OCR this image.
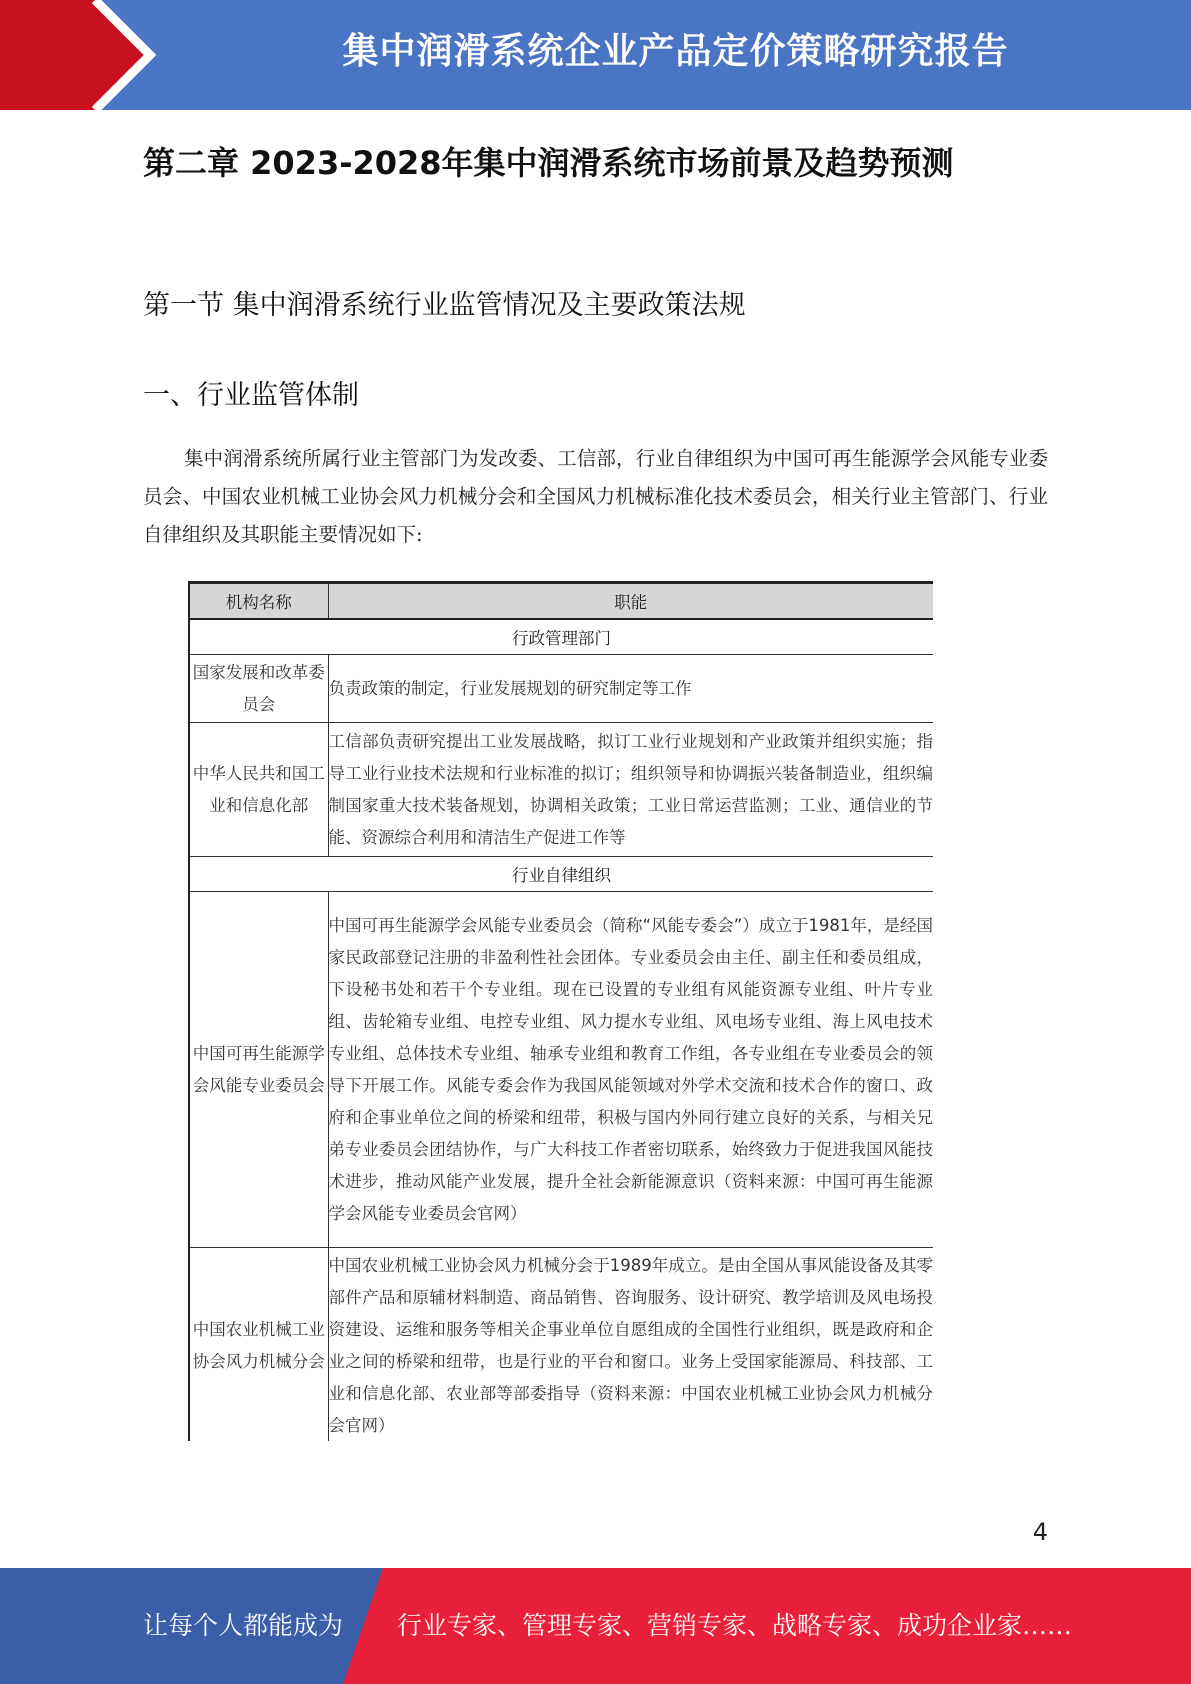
集中润滑系统企业产品定价策略研究报告
第二章 2023-2028年集中润滑系统市场前景及趋势预测
第一节 集中润滑系统行业监管情况及主要政策法规
一、行业监管体制
集中润滑系统所属行业主管部门为发改委、工信部，行业自律组织为中国可再生能源学会风能专业委员会、中国农业机械工业协会风力机械分会和全国风力机械标准化技术委员会，相关行业主管部门、行业自律组织及其职能主要情况如下:
机构名称	职能
行政管理部门	
国家发展和改革委员会	负责政策的制定，行业发展规划的研究制定等工作
中华人民共和国工业和信息化部	工信部负责研究提出工业发展战略，拟订工业行业规划和产业政策并组织实施；指导工业行业技术法规和行业标准的拟订；组织领导和协调振兴装备制造业，组织编制国家重大技术装备规划，协调相关政策；工业日常运营监测；工业、通信业的节能、资源综合利用和清洁生产促进工作等
行业自律组织	
中国可再生能源学会风能专业委员会	中国可再生能源学会风能专业委员会（简称“风能专委会”）成立于1981年，是经国家民政部登记注册的非盈利性社会团体。专业委员会由主任、副主任和委员组成，下设秘书处和若干个专业组。现在已设置的专业组有风能资源专业组、叶片专业组、齿轮箱专业组、电控专业组、风力提水专业组、风电场专业组、海上风电技术专业组、总体技术专业组、轴承专业组和教育工作组，各专业组在专业委员会的领导下开展工作。风能专委会作为我国风能领域对外学术交流和技术合作的窗口、政府和企事业单位之间的桥梁和纽带，积极与国内外同行建立良好的关系，与相关兄弟专业委员会团结协作，与广大科技工作者密切联系，始终致力于促进我国风能技术进步，推动风能产业发展，提升全社会新能源意识（资料来源：中国可再生能源学会风能专业委员会官网）
中国农业机械工业协会风力机械分会	中国农业机械工业协会风力机械分会于1989年成立。是由全国从事风能设备及其零部件产品和原辅材料制造、商品销售、咨询服务、设计研究、教学培训及风电场投资建设、运维和服务等相关企事业单位自愿组成的全国性行业组织，既是政府和企业之间的桥梁和纽带，也是行业的平台和窗口。业务上受国家能源局、科技部、工业和信息化部、农业部等部委指导（资料来源：中国农业机械工业协会风力机械分会官网）
4
让每个人都能成为 行业专家、管理专家、营销专家、战略专家、成功企业家……
